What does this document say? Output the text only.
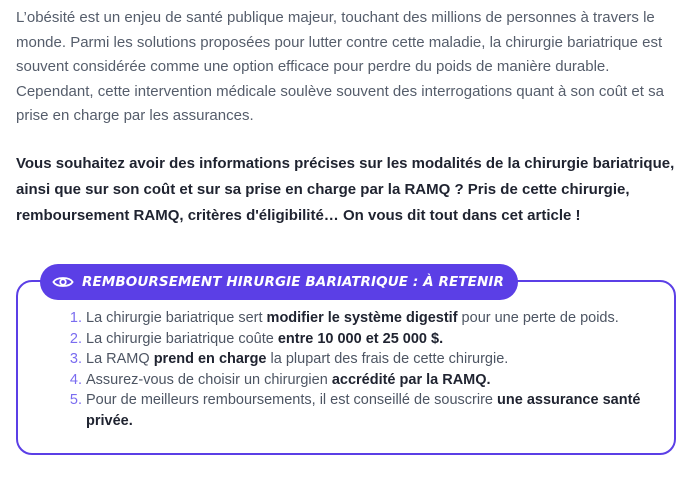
L’obésité est un enjeu de santé publique majeur, touchant des millions de personnes à travers le monde. Parmi les solutions proposées pour lutter contre cette maladie, la chirurgie bariatrique est souvent considérée comme une option efficace pour perdre du poids de manière durable. Cependant, cette intervention médicale soulève souvent des interrogations quant à son coût et sa prise en charge par les assurances.

Vous souhaitez avoir des informations précises sur les modalités de la chirurgie bariatrique, ainsi que sur son coût et sur sa prise en charge par la RAMQ ? Pris de cette chirurgie, remboursement RAMQ, critères d'éligibilité… On vous dit tout dans cet article !

REMBOURSEMENT HIRURGIE BARIATRIQUE : À RETENIR
1. La chirurgie bariatrique sert modifier le système digestif pour une perte de poids.
2. La chirurgie bariatrique coûte entre 10 000 et 25 000 $.
3. La RAMQ prend en charge la plupart des frais de cette chirurgie.
4. Assurez-vous de choisir un chirurgien accrédité par la RAMQ.
5. Pour de meilleurs remboursements, il est conseillé de souscrire une assurance santé privée.
